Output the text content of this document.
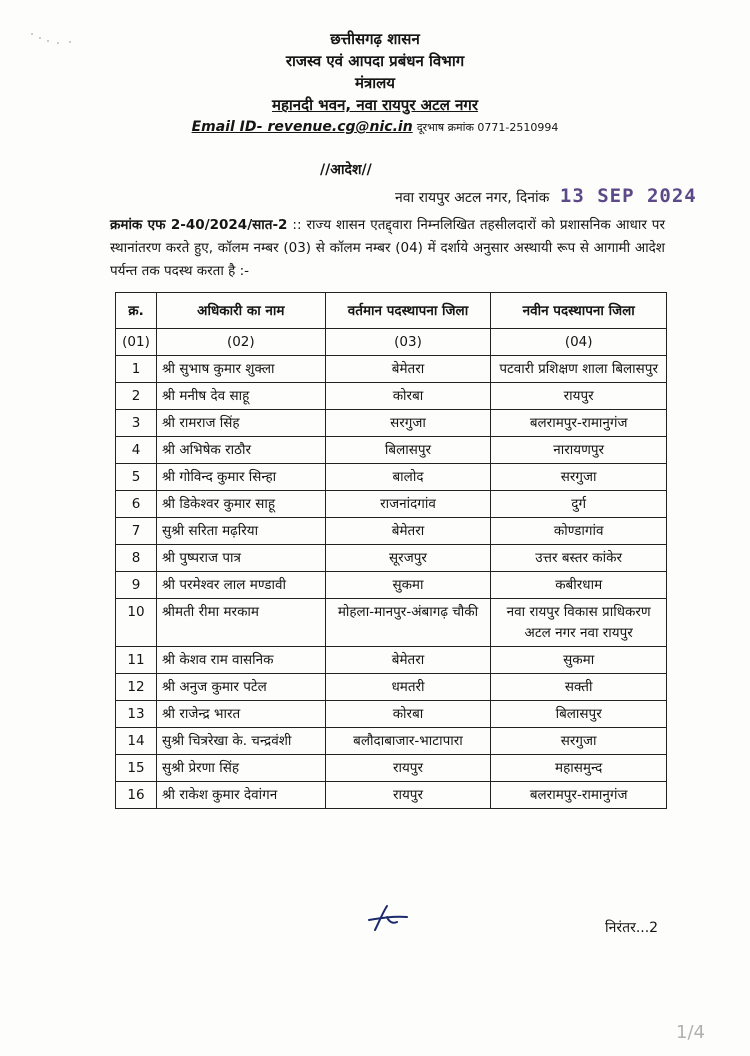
छत्तीसगढ़ शासन
राजस्व एवं आपदा प्रबंधन विभाग
मंत्रालय
महानदी भवन, नवा रायपुर अटल नगर
Email ID- revenue.cg@nic.in दूरभाष क्रमांक 0771-2510994
//आदेश//
नवा रायपुर अटल नगर, दिनांक 13 SEP 2024
क्रमांक एफ 2-40/2024/सात-2 :: राज्य शासन एतद्द्वारा निम्नलिखित तहसीलदारों को प्रशासनिक आधार पर स्थानांतरण करते हुए, कॉलम नम्बर (03) से कॉलम नम्बर (04) में दर्शाये अनुसार अस्थायी रूप से आगामी आदेश पर्यन्त तक पदस्थ करता है :-
क्र.	अधिकारी का नाम	वर्तमान पदस्थापना जिला	नवीन पदस्थापना जिला
(01)	(02)	(03)	(04)
1	श्री सुभाष कुमार शुक्ला	बेमेतरा	पटवारी प्रशिक्षण शाला बिलासपुर
2	श्री मनीष देव साहू	कोरबा	रायपुर
3	श्री रामराज सिंह	सरगुजा	बलरामपुर-रामानुगंज
4	श्री अभिषेक राठौर	बिलासपुर	नारायणपुर
5	श्री गोविन्द कुमार सिन्हा	बालोद	सरगुजा
6	श्री डिकेश्वर कुमार साहू	राजनांदगांव	दुर्ग
7	सुश्री सरिता मढ़रिया	बेमेतरा	कोण्डागांव
8	श्री पुष्पराज पात्र	सूरजपुर	उत्तर बस्तर कांकेर
9	श्री परमेश्वर लाल मण्डावी	सुकमा	कबीरधाम
10	श्रीमती रीमा मरकाम	मोहला-मानपुर-अंबागढ़ चौकी	नवा रायपुर विकास प्राधिकरण अटल नगर नवा रायपुर
11	श्री केशव राम वासनिक	बेमेतरा	सुकमा
12	श्री अनुज कुमार पटेल	धमतरी	सक्ती
13	श्री राजेन्द्र भारत	कोरबा	बिलासपुर
14	सुश्री चित्ररेखा के. चन्द्रवंशी	बलौदाबाजार-भाटापारा	सरगुजा
15	सुश्री प्रेरणा सिंह	रायपुर	महासमुन्द
16	श्री राकेश कुमार देवांगन	रायपुर	बलरामपुर-रामानुगंज
निरंतर...2
1/4
